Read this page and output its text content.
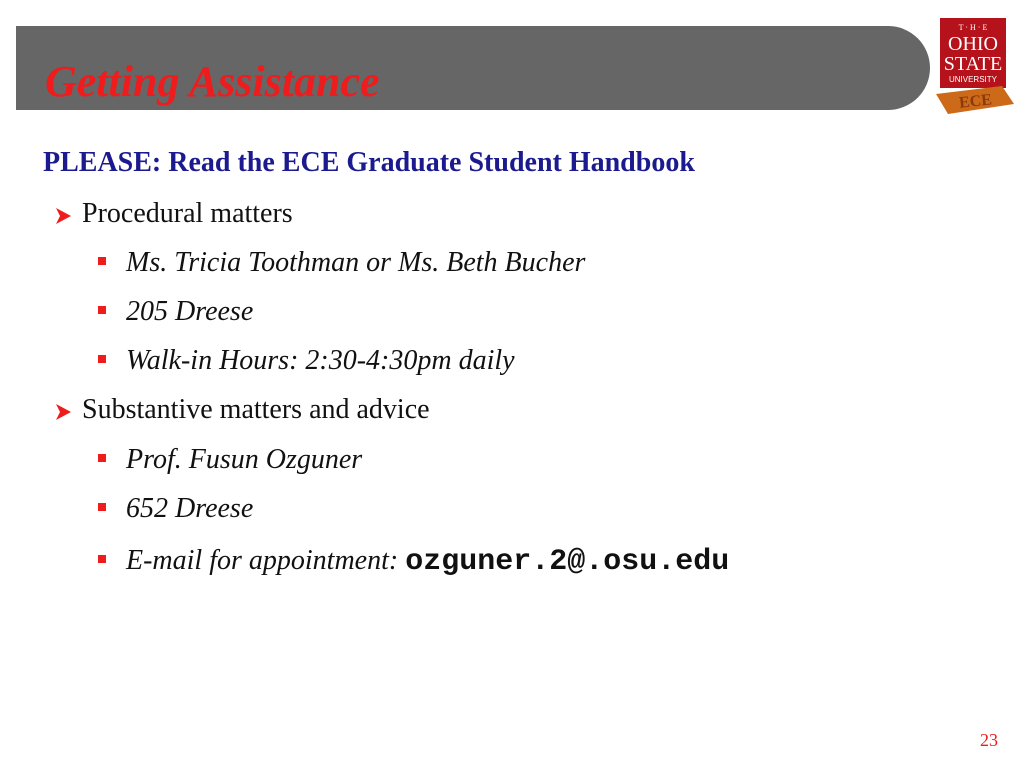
Getting Assistance
T · H · E
OHIO
STATE
UNIVERSITY
ECE
PLEASE: Read the ECE Graduate Student Handbook
Procedural matters
Ms. Tricia Toothman or Ms. Beth Bucher
205 Dreese
Walk-in Hours: 2:30-4:30pm daily
Substantive matters and advice
Prof. Fusun Ozguner
652 Dreese
E-mail for appointment: ozguner.2@.osu.edu
23
